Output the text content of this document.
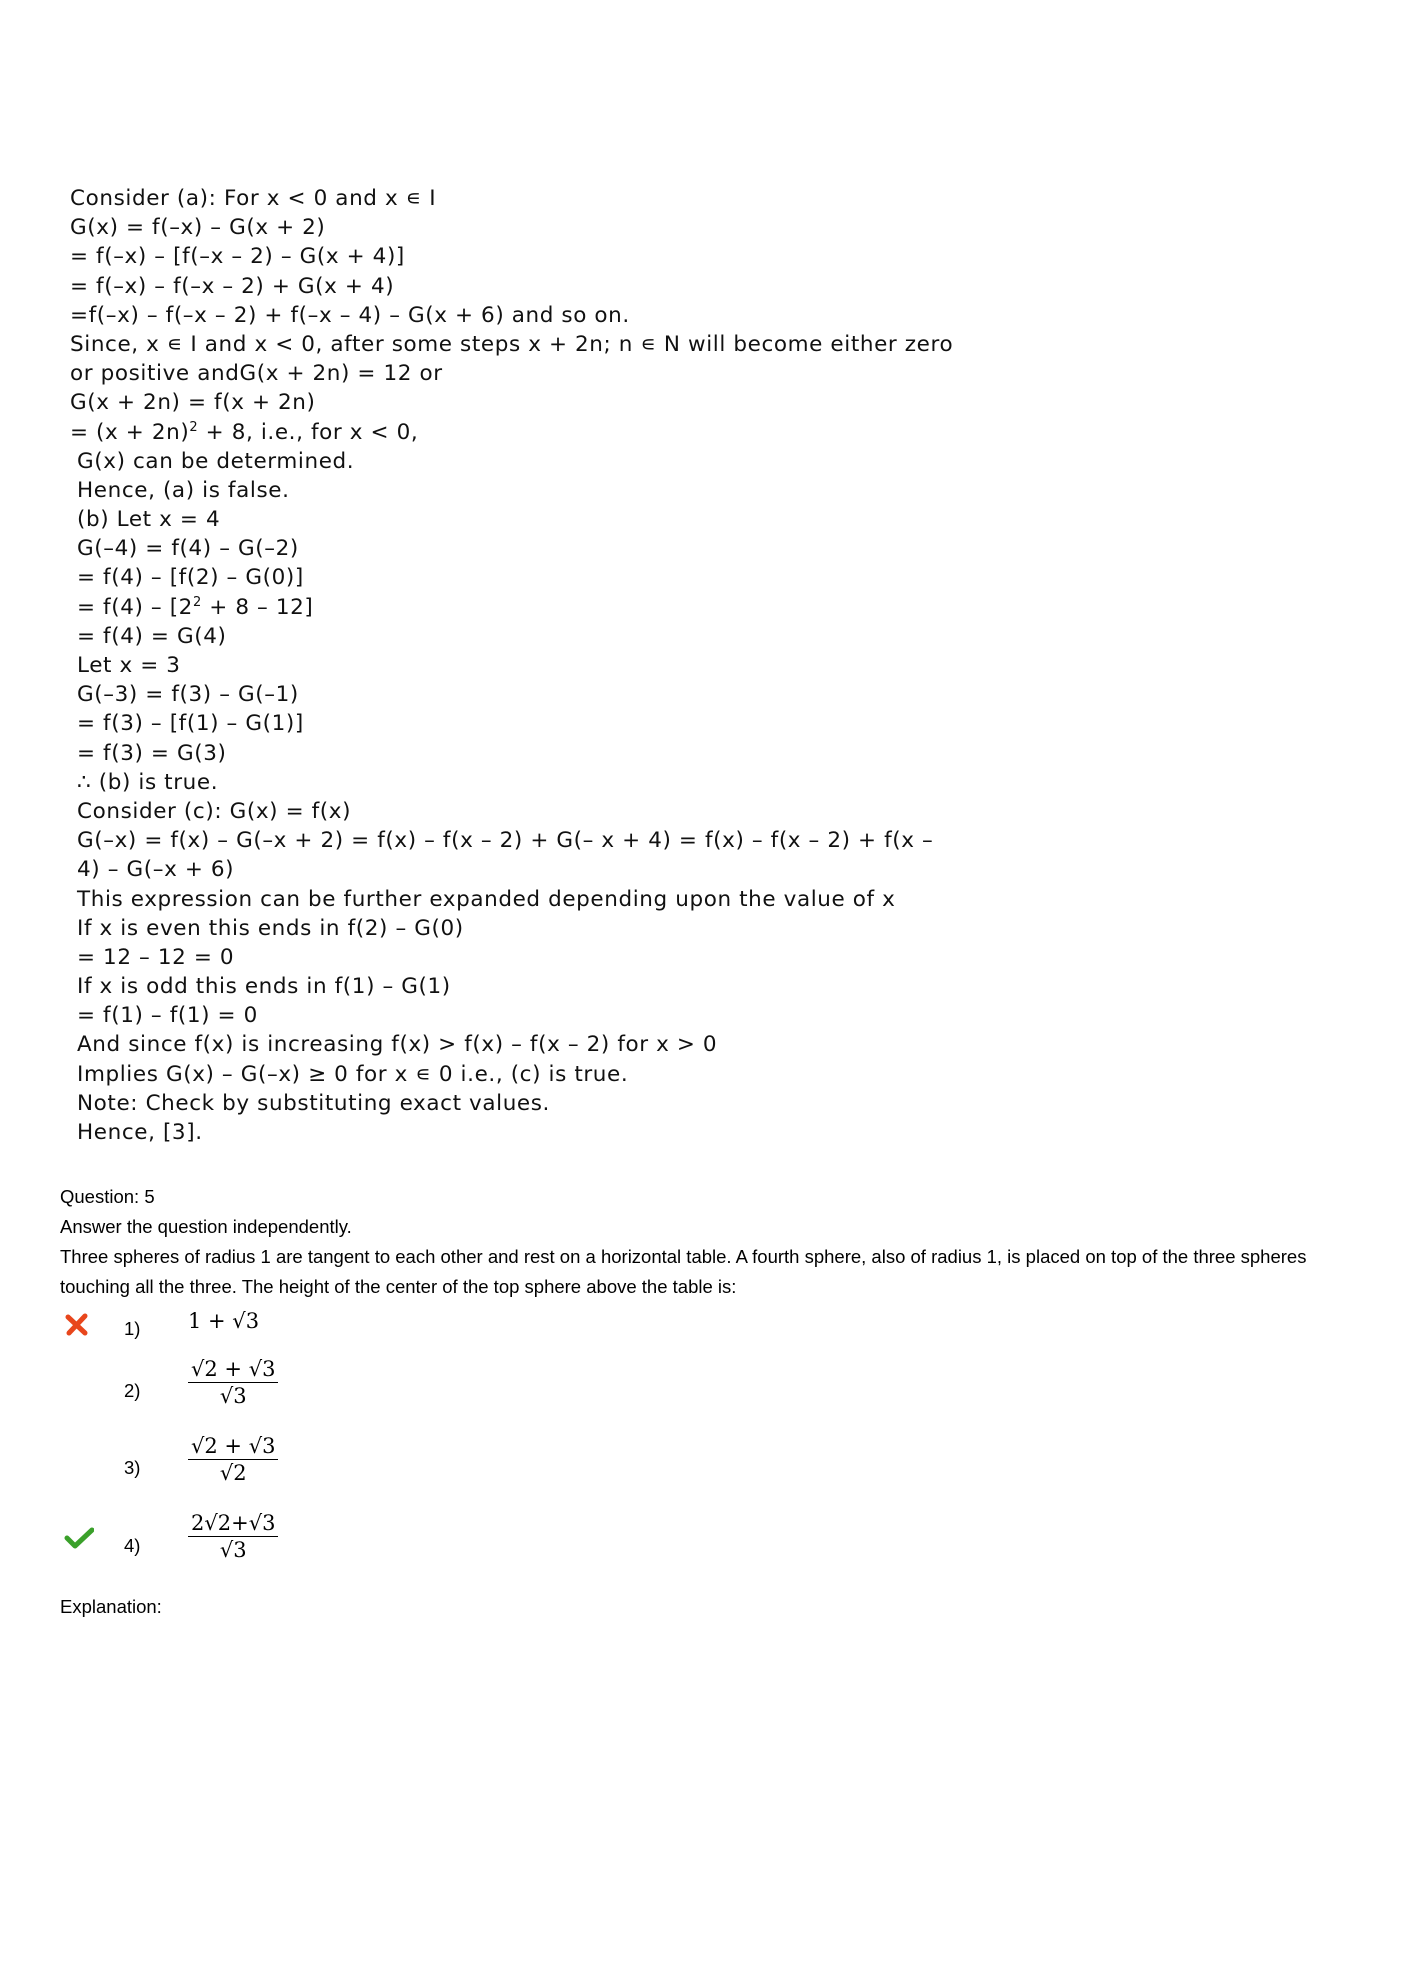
Consider (a): For x < 0 and x ∊ I
G(x) = f(–x) – G(x + 2)
= f(–x) – [f(–x – 2) – G(x + 4)]
= f(–x) – f(–x – 2) + G(x + 4)
=f(–x) – f(–x – 2) + f(–x – 4) – G(x + 6) and so on.
Since, x ∊ I and x < 0, after some steps x + 2n; n ∊ N will become either zero
or positive andG(x + 2n) = 12 or
G(x + 2n) = f(x + 2n)
= $(x + 2n)^2 + 8$, i.e., for x < 0,
G(x) can be determined.
Hence, (a) is false.
(b) Let x = 4
G(–4) = f(4) – G(–2)
= f(4) – [f(2) – G(0)]
= $f(4) - [2^2 + 8 - 12]$
= f(4) = G(4)
Let x = 3
G(–3) = f(3) – G(–1)
= f(3) – [f(1) – G(1)]
= f(3) = G(3)
∴ (b) is true.
Consider (c): G(x) = f(x)
G(–x) = f(x) – G(–x + 2) = f(x) – f(x – 2) + G(– x + 4) = f(x) – f(x – 2) + f(x –
4) – G(–x + 6)
This expression can be further expanded depending upon the value of x
If x is even this ends in f(2) – G(0)
= 12 – 12 = 0
If x is odd this ends in f(1) – G(1)
= f(1) – f(1) = 0
And since f(x) is increasing f(x) > f(x) – f(x – 2) for x > 0
Implies G(x) – G(–x) ≥ 0 for x ∊ 0 i.e., (c) is true.
Note: Check by substituting exact values.
Hence, [3].
Question: 5
Answer the question independently.
Three spheres of radius 1 are tangent to each other and rest on a horizontal table. A fourth sphere, also of radius 1, is placed on top of the three spheres touching all the three. The height of the center of the top sphere above the table is:
1) 1 + √3
$2) \frac{√2 + √3}{√3}$
$3) \frac{√2 + √3}{√2}$
$4) \frac{2√2+√3}{√3}$
Explanation:
